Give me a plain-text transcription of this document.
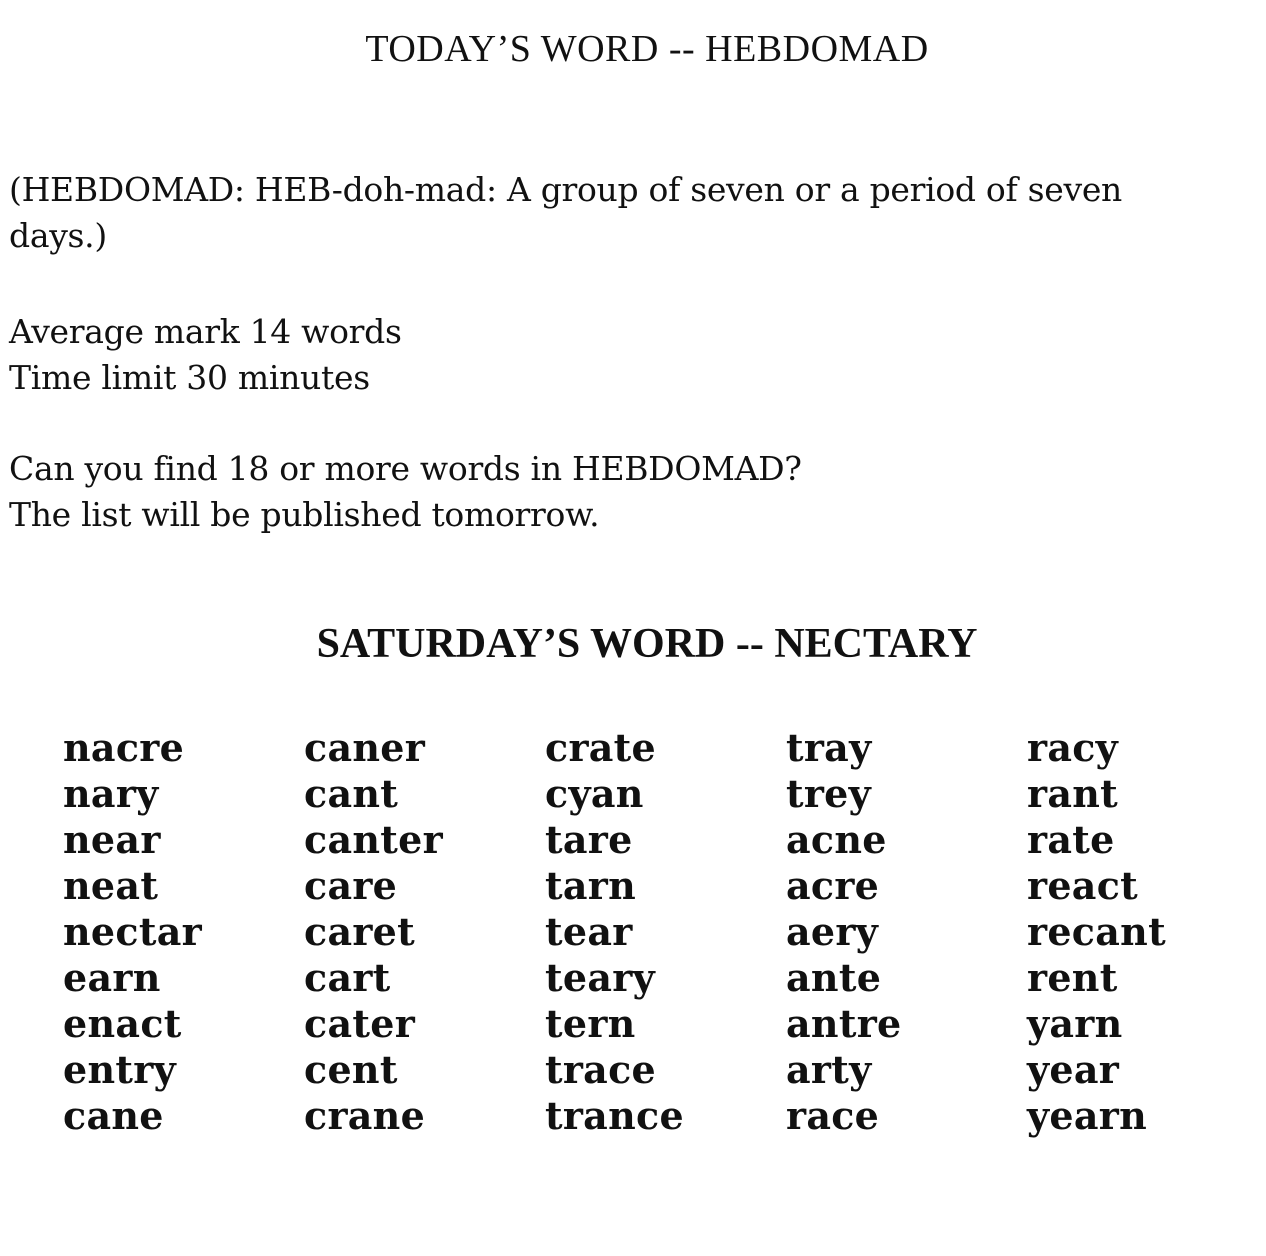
TODAY’S WORD -- HEBDOMAD
(HEBDOMAD: HEB-doh-mad: A group of seven or a period of seven
days.)
Average mark 14 words
Time limit 30 minutes
Can you find 18 or more words in HEBDOMAD?
The list will be published tomorrow.
SATURDAY’S WORD -- NECTARY
nacre
nary
near
neat
nectar
earn
enact
entry
cane
caner
cant
canter
care
caret
cart
cater
cent
crane
crate
cyan
tare
tarn
tear
teary
tern
trace
trance
tray
trey
acne
acre
aery
ante
antre
arty
race
racy
rant
rate
react
recant
rent
yarn
year
yearn
